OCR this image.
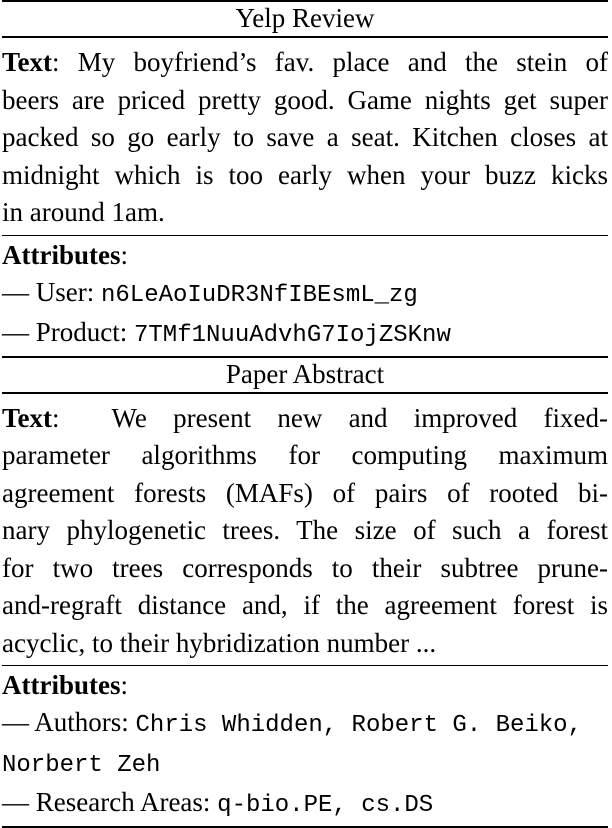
Yelp Review
Text: My boyfriend’s fav. place and the stein of
beers are priced pretty good. Game nights get super
packed so go early to save a seat. Kitchen closes at
midnight which is too early when your buzz kicks
in around 1am.
Attributes:
— User: n6LeAoIuDR3NfIBEsmL_zg
— Product: 7TMf1NuuAdvhG7IojZSKnw
Paper Abstract
Text:  We present new and improved fixed-
parameter algorithms for computing maximum
agreement forests (MAFs) of pairs of rooted bi-
nary phylogenetic trees. The size of such a forest
for two trees corresponds to their subtree prune-
and-regraft distance and, if the agreement forest is
acyclic, to their hybridization number ...
Attributes:
— Authors: Chris Whidden, Robert G. Beiko,
Norbert Zeh
— Research Areas: q-bio.PE, cs.DS
